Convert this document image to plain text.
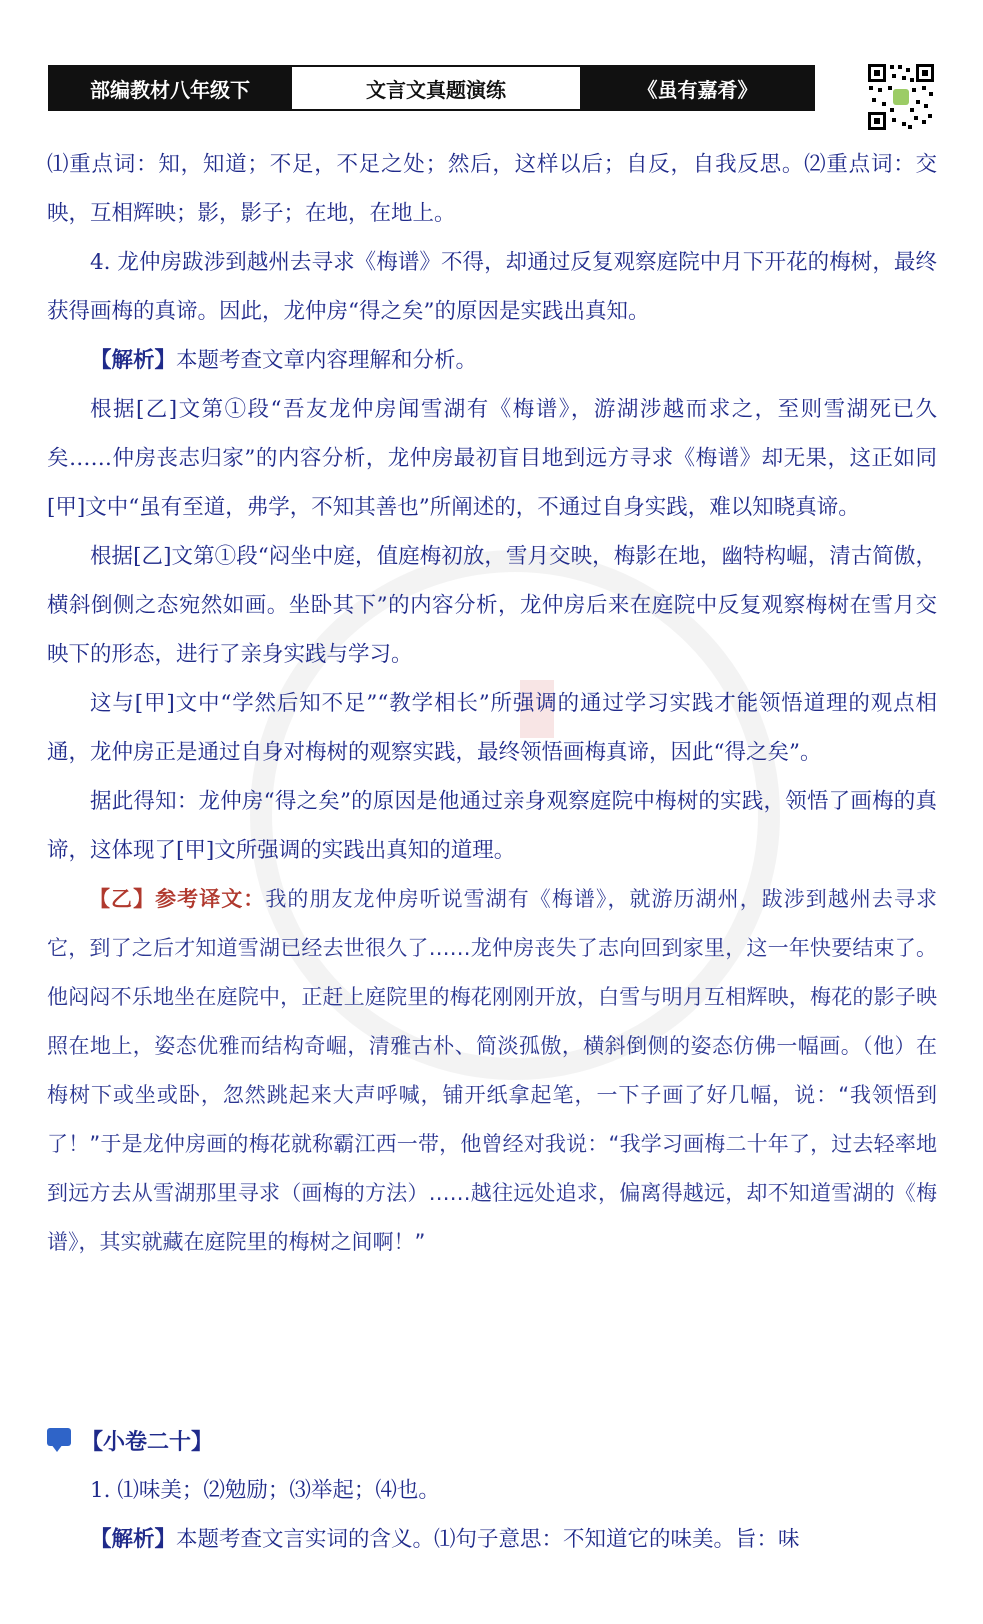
部编教材八年级下	文言文真题演练	《虽有嘉肴》

⑴重点词：知，知道；不足，不足之处；然后，这样以后；自反，自我反思。⑵重点词：交映，互相辉映；影，影子；在地，在地上。

4. 龙仲房跋涉到越州去寻求《梅谱》不得，却通过反复观察庭院中月下开花的梅树，最终获得画梅的真谛。因此，龙仲房“得之矣”的原因是实践出真知。

【解析】本题考查文章内容理解和分析。

根据[乙]文第①段“吾友龙仲房闻雪湖有《梅谱》，游湖涉越而求之，至则雪湖死已久矣……仲房丧志归家”的内容分析，龙仲房最初盲目地到远方寻求《梅谱》却无果，这正如同[甲]文中“虽有至道，弗学，不知其善也”所阐述的，不通过自身实践，难以知晓真谛。

根据[乙]文第①段“闷坐中庭，值庭梅初放，雪月交映，梅影在地，幽特构崛，清古简傲，横斜倒侧之态宛然如画。坐卧其下”的内容分析，龙仲房后来在庭院中反复观察梅树在雪月交映下的形态，进行了亲身实践与学习。

这与[甲]文中“学然后知不足”“教学相长”所强调的通过学习实践才能领悟道理的观点相通，龙仲房正是通过自身对梅树的观察实践，最终领悟画梅真谛，因此“得之矣”。

据此得知：龙仲房“得之矣”的原因是他通过亲身观察庭院中梅树的实践，领悟了画梅的真谛，这体现了[甲]文所强调的实践出真知的道理。

【乙】参考译文：我的朋友龙仲房听说雪湖有《梅谱》，就游历湖州，跋涉到越州去寻求它，到了之后才知道雪湖已经去世很久了……龙仲房丧失了志向回到家里，这一年快要结束了。他闷闷不乐地坐在庭院中，正赶上庭院里的梅花刚刚开放，白雪与明月互相辉映，梅花的影子映照在地上，姿态优雅而结构奇崛，清雅古朴、简淡孤傲，横斜倒侧的姿态仿佛一幅画。（他）在梅树下或坐或卧，忽然跳起来大声呼喊，铺开纸拿起笔，一下子画了好几幅，说：“我领悟到了！”于是龙仲房画的梅花就称霸江西一带，他曾经对我说：“我学习画梅二十年了，过去轻率地到远方去从雪湖那里寻求（画梅的方法）……越往远处追求，偏离得越远，却不知道雪湖的《梅谱》，其实就藏在庭院里的梅树之间啊！”

【小卷二十】

1. ⑴味美；⑵勉励；⑶举起；⑷也。

【解析】本题考查文言实词的含义。⑴句子意思：不知道它的味美。旨：味
